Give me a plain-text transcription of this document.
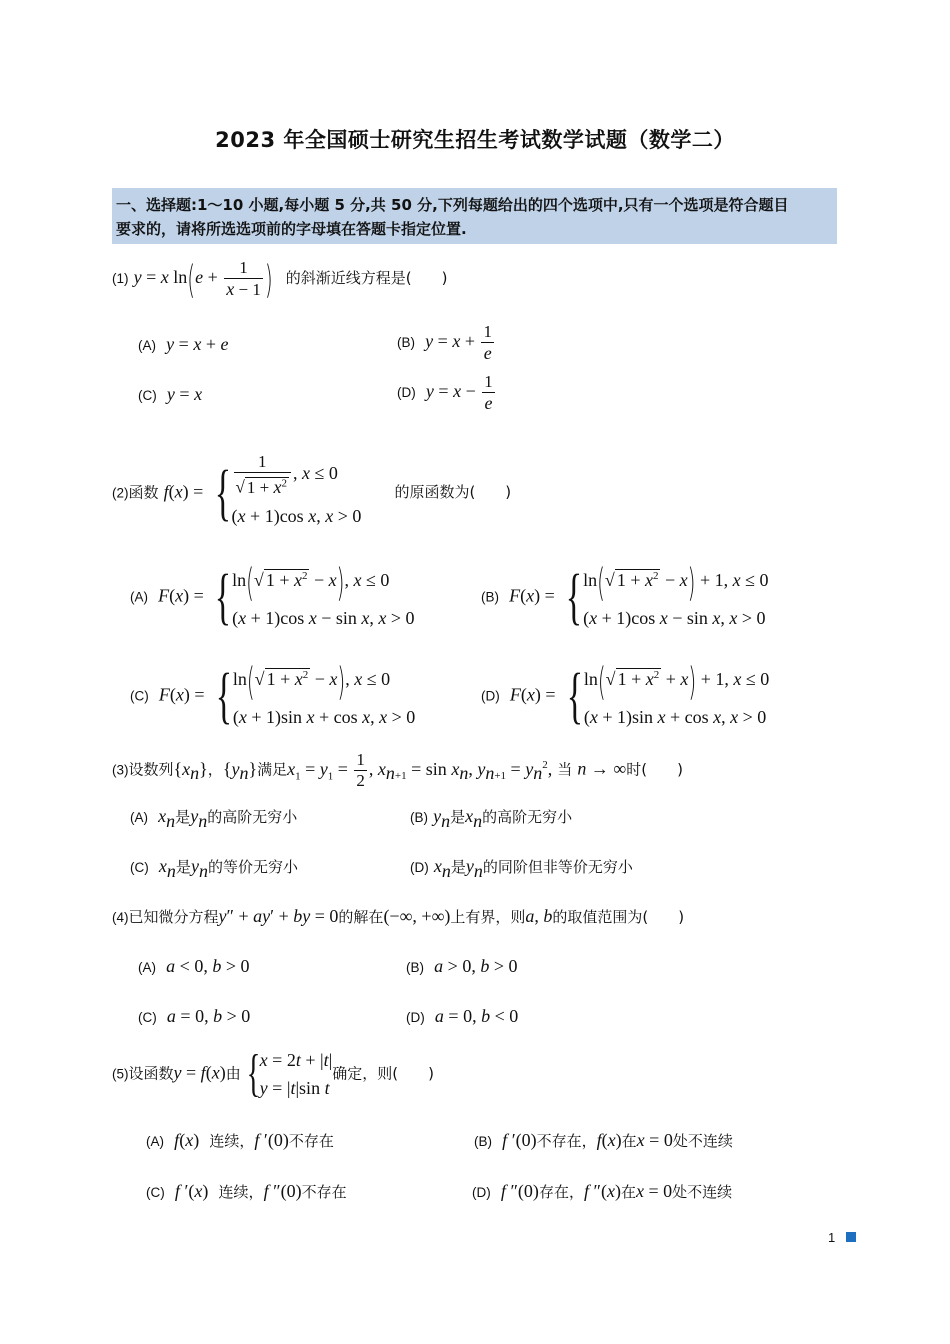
2023 年全国硕士研究生招生考试数学试题（数学二）
一、选择题:1～10 小题,每小题 5 分,共 50 分,下列每题给出的四个选项中,只有一个选项是符合题目
要求的，请将所选选项前的字母填在答题卡指定位置.
(1) y = x $\ln(e + \frac{1}{x - 1}$ ) 的斜渐近线方程是(　　)
(A) y = x + e	(B) $y = x + \frac{1}{e}$
(C) y = x	(D) $y = x - \frac{1}{e}$
(2)函数 f(x) = { $\frac{1}{√ 1 + x^2}$ , x ≤ 0
(x + 1)cos x, x > 0
的原函数为(　　)
(A) F(x) = { ln(√ $1 + x^2 - x$), x ≤ 0
(x + 1)cos x − sin x, x > 0
(B) F(x) = { ln(√ $1 + x^2 - x) + 1$, x ≤ 0
(x + 1)cos x − sin x, x > 0
(C) F(x) = { ln(√ $1 + x^2 - x$), x ≤ 0
(x + 1)sin x + cos x, x > 0
(D) F(x) = { ln(√ $1 + x^2 + x) + 1$, x ≤ 0
(x + 1)sin x + cos x, x > 0
(3)设数列$\{x_n\}$，$\{y_n\}$满足$x_1 = y_1 = \frac{1}{2}$ , $x_{n+1} = \sin x_n$, $y_{n+1} = y_n^2$, 当 n → ∞时(　　)
(A) $x_n$是$y_n$的高阶无穷小	(B) $y_n$是$x_n$的高阶无穷小
(C) $x_n$是$y_n$的等价无穷小	(D) $x_n$是$y_n$的同阶但非等价无穷小
(4)已知微分方程y″ + ay′ + by = 0的解在(−∞, +∞)上有界，则a, b的取值范围为(　　)
(A) a < 0, b > 0	(B) a > 0, b > 0
(C) a = 0, b > 0	(D) a = 0, b < 0
(5)设函数y = f(x)由 { x = 2t + |t|
y = |t|sin t
确定，则(　　)
(A) f(x) 连续，f ′(0)不存在	(B) f ′(0)不存在，f(x)在x = 0处不连续
(C) f ′(x) 连续，f ″(0)不存在	(D) f ″(0)存在，f ″(x)在x = 0处不连续
1
